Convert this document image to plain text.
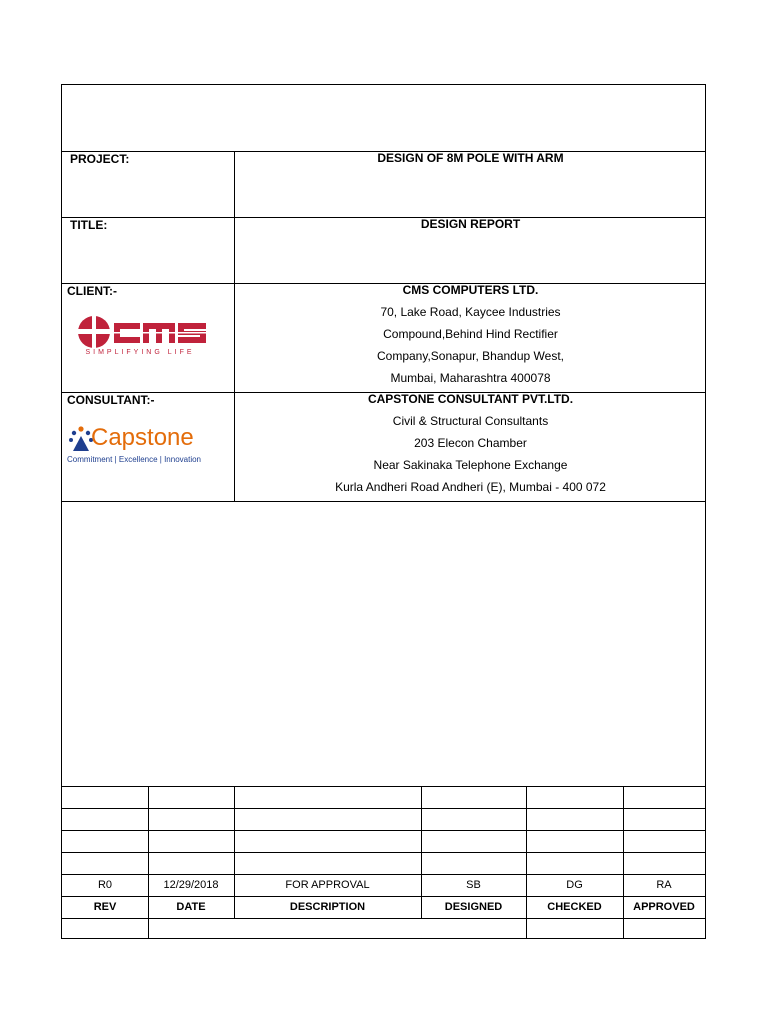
PROJECT:	DESIGN OF 8M POLE WITH ARM
TITLE:	DESIGN REPORT
CLIENT:-
SIMPLIFYING LIFE
CMS COMPUTERS LTD.
70, Lake Road, Kaycee Industries
Compound,Behind Hind Rectifier
Company,Sonapur, Bhandup West,
Mumbai, Maharashtra 400078
CONSULTANT:-
Capstone
Commitment | Excellence | Innovation
CAPSTONE CONSULTANT PVT.LTD.
Civil & Structural Consultants
203 Elecon Chamber
Near Sakinaka Telephone Exchange
Kurla Andheri Road Andheri (E), Mumbai - 400 072
R0	12/29/2018	FOR APPROVAL	SB	DG	RA
REV	DATE	DESCRIPTION	DESIGNED	CHECKED	APPROVED
